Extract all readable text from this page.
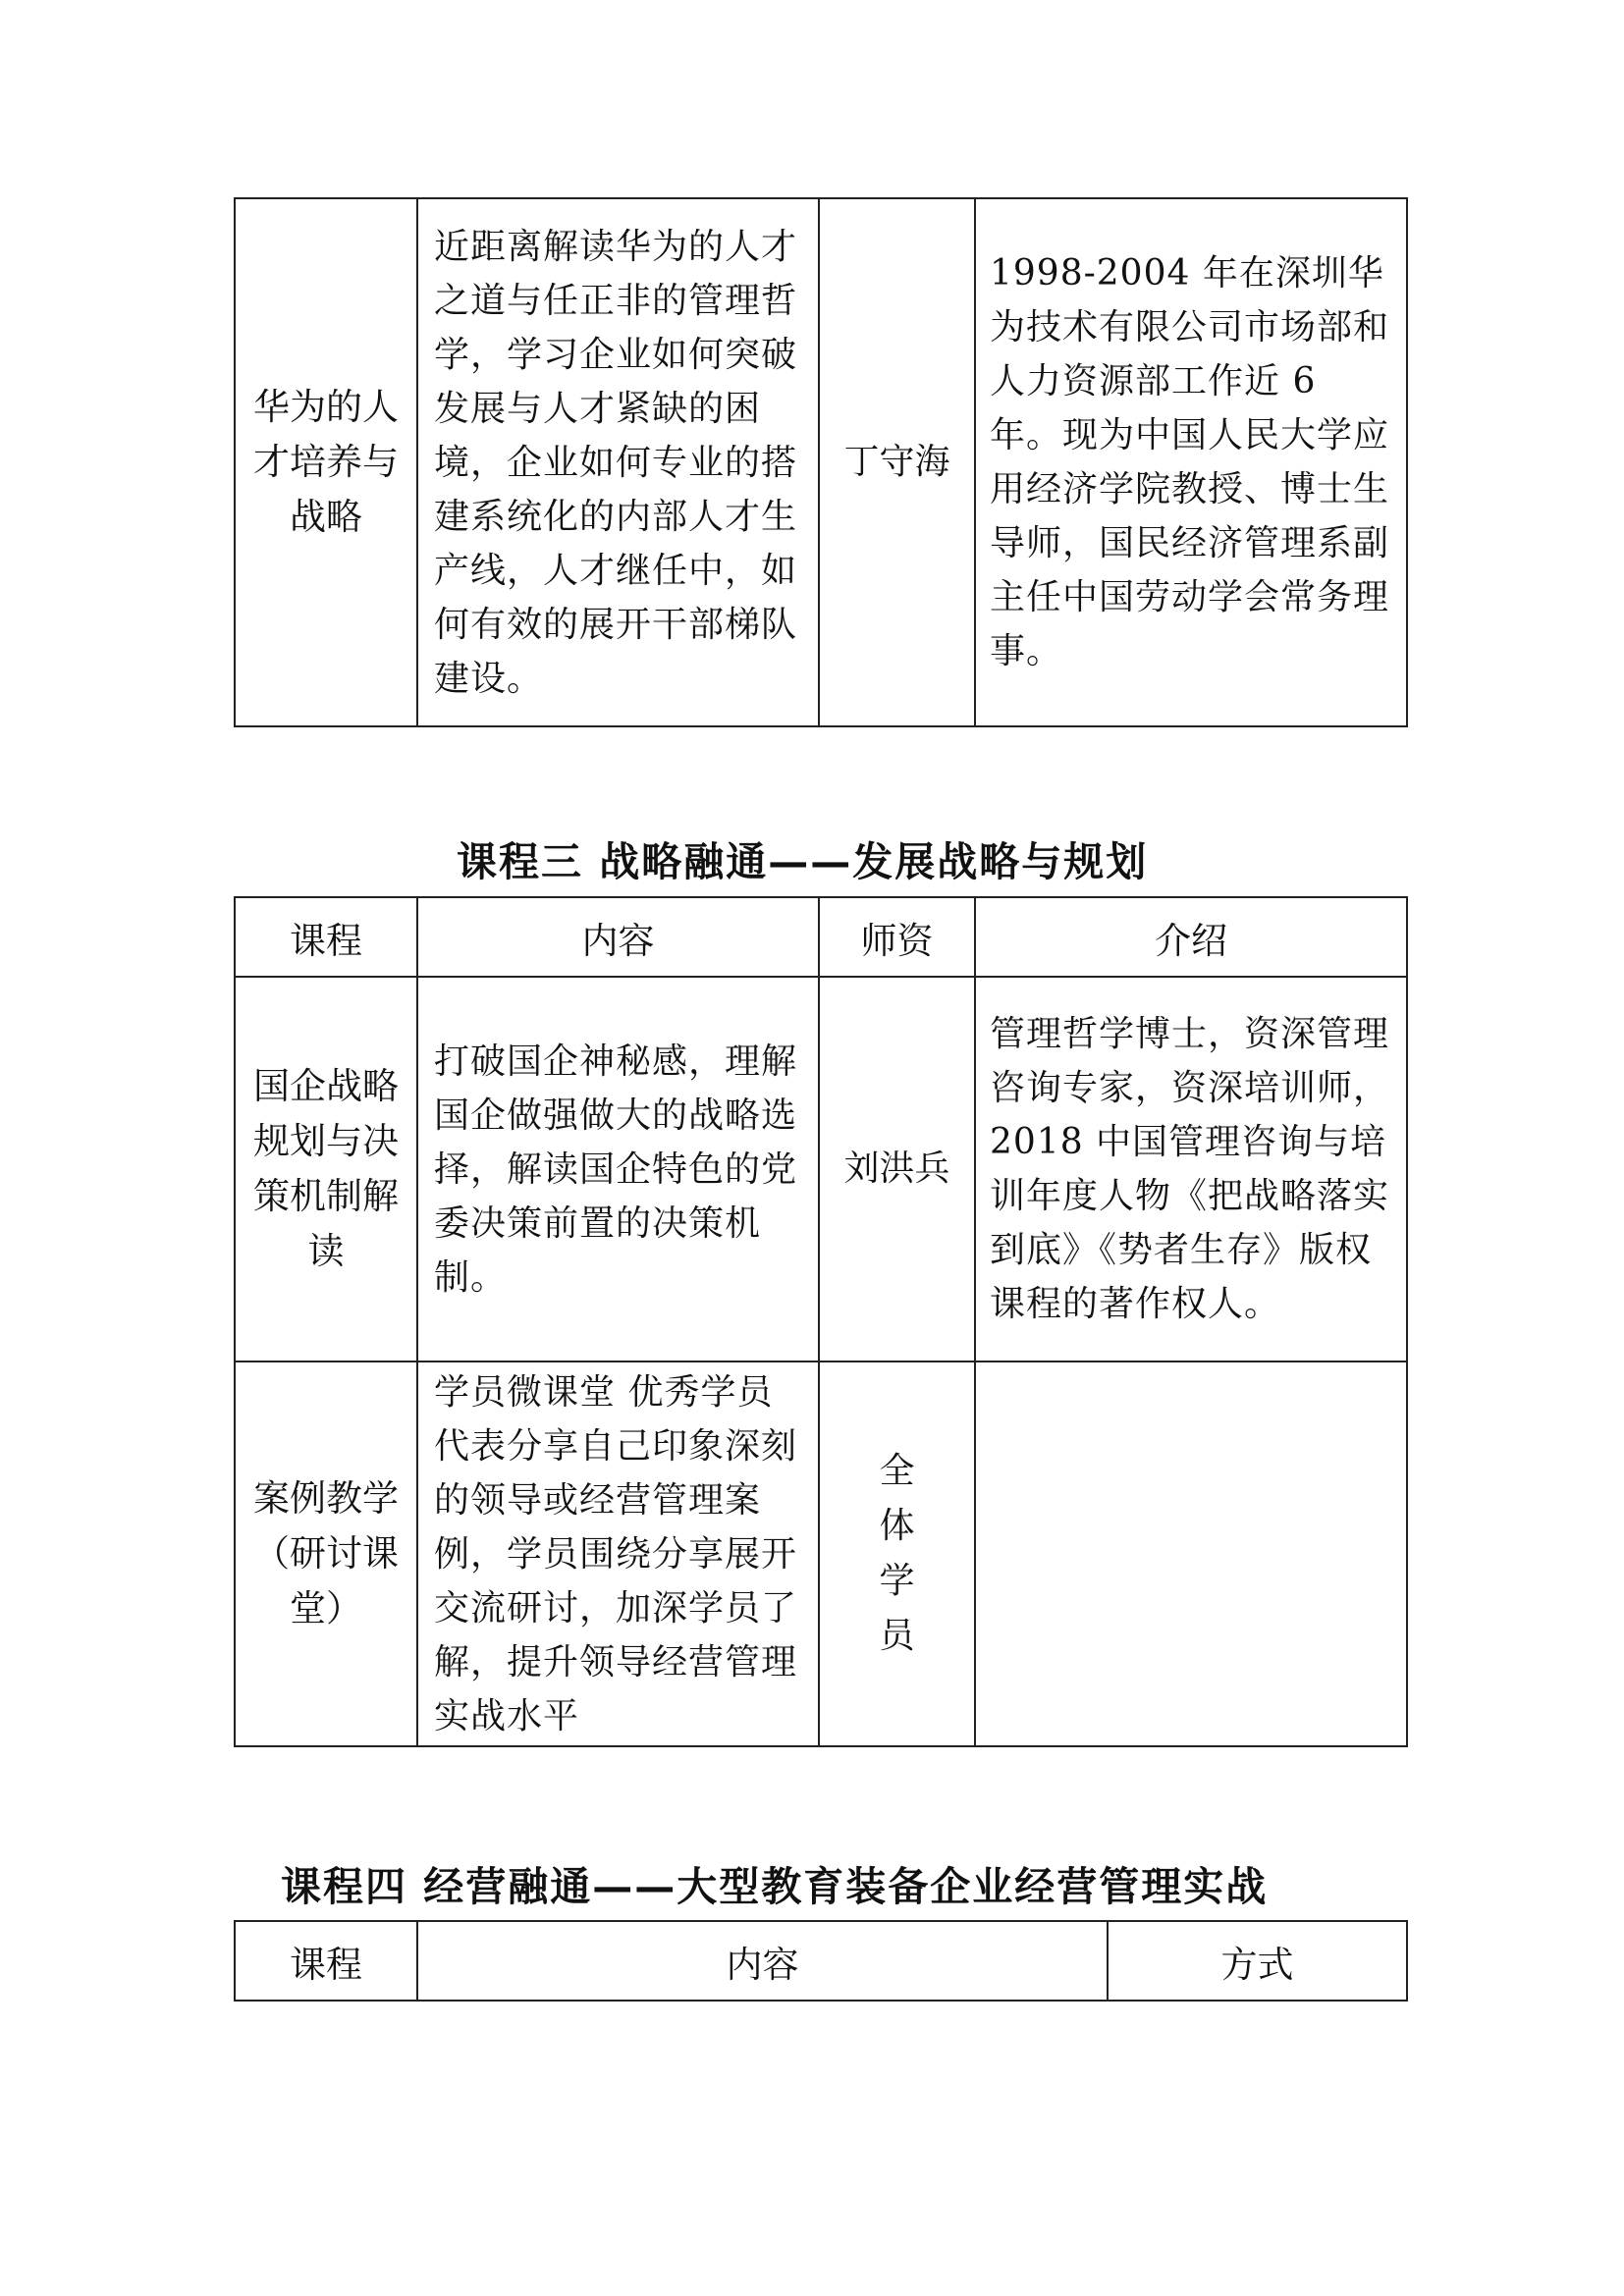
华为的人才培养与战略	近距离解读华为的人才之道与任正非的管理哲学，学习企业如何突破发展与人才紧缺的困境，企业如何专业的搭建系统化的内部人才生产线，人才继任中，如何有效的展开干部梯队建设。	丁守海	1998-2004 年在深圳华为技术有限公司市场部和人力资源部工作近 6 年。现为中国人民大学应用经济学院教授、博士生导师，国民经济管理系副主任中国劳动学会常务理事。
课程三 战略融通——发展战略与规划
课程	内容	师资	介绍
国企战略规划与决策机制解读	打破国企神秘感，理解国企做强做大的战略选择，解读国企特色的党委决策前置的决策机制。	刘洪兵	管理哲学博士，资深管理咨询专家，资深培训师，2018 中国管理咨询与培训年度人物《把战略落实到底》《势者生存》版权课程的著作权人。
案例教学（研讨课堂）	学员微课堂 优秀学员代表分享自己印象深刻的领导或经营管理案例，学员围绕分享展开交流研讨，加深学员了解，提升领导经营管理实战水平	全体学员	

课程四 经营融通——大型教育装备企业经营管理实战
课程	内容	方式
